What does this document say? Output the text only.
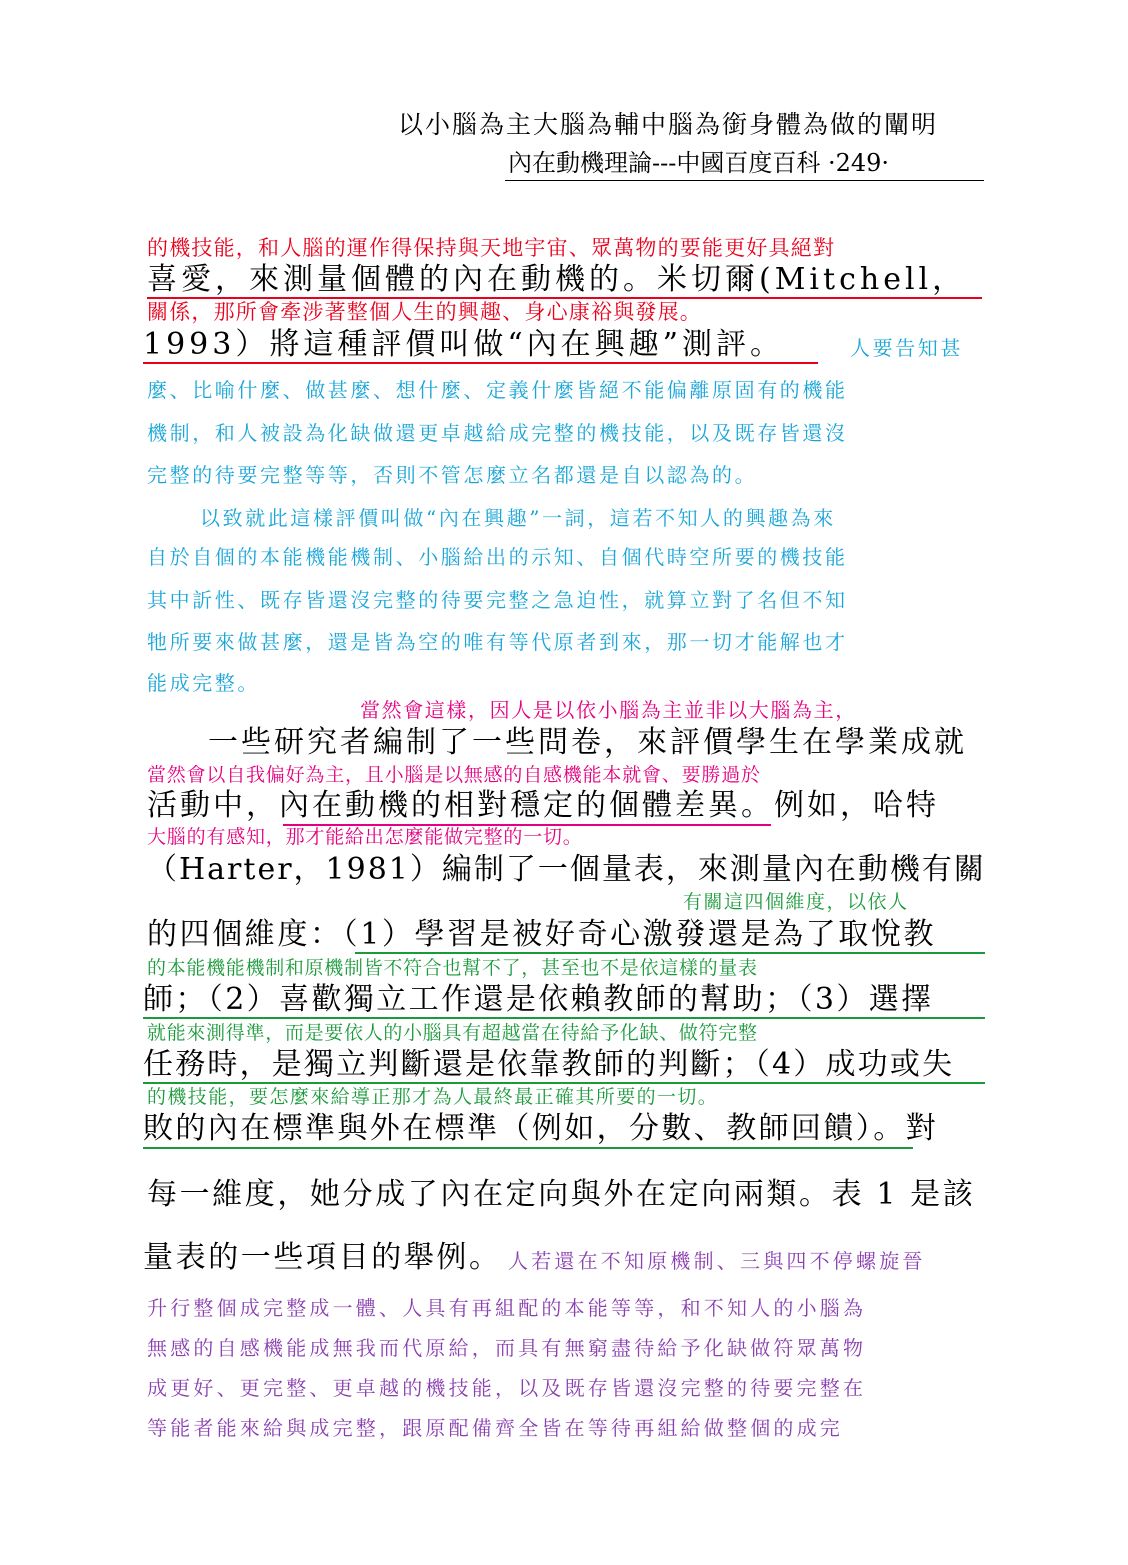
以小腦為主大腦為輔中腦為銜身體為做的闡明
內在動機理論---中國百度百科 ·249·
的機技能，和人腦的運作得保持與天地宇宙、眾萬物的要能更好具絕對
喜愛，來測量個體的內在動機的。米切爾(Mitchell，
關係，那所會牽涉著整個人生的興趣、身心康裕與發展。
1993）將這種評價叫做“內在興趣”測評。	人要告知甚
麼、比喻什麼、做甚麼、想什麼、定義什麼皆絕不能偏離原固有的機能
機制，和人被設為化缺做還更卓越給成完整的機技能，以及既存皆還沒
完整的待要完整等等，否則不管怎麼立名都還是自以認為的。
以致就此這樣評價叫做“內在興趣”一詞，這若不知人的興趣為來
自於自個的本能機能機制、小腦給出的示知、自個代時空所要的機技能
其中訢性、既存皆還沒完整的待要完整之急迫性，就算立對了名但不知
牠所要來做甚麼，還是皆為空的唯有等代原者到來，那一切才能解也才
能成完整。
當然會這樣，因人是以依小腦為主並非以大腦為主，
一些研究者編制了一些問卷，來評價學生在學業成就
當然會以自我偏好為主，且小腦是以無感的自感機能本就會、要勝過於
活動中，內在動機的相對穩定的個體差異。例如，哈特
大腦的有感知，那才能給出怎麼能做完整的一切。
（Harter，1981）編制了一個量表，來測量內在動機有關
有關這四個維度，以依人
的四個維度：（1）學習是被好奇心激發還是為了取悅教
的本能機能機制和原機制皆不符合也幫不了，甚至也不是依這樣的量表
師；（2）喜歡獨立工作還是依賴教師的幫助；（3）選擇
就能來測得準，而是要依人的小腦具有超越當在待給予化缺、做符完整
任務時，是獨立判斷還是依靠教師的判斷；（4）成功或失
的機技能，要怎麼來給導正那才為人最終最正確其所要的一切。
敗的內在標準與外在標準（例如，分數、教師回饋）。對
每一維度，她分成了內在定向與外在定向兩類。表 1 是該
量表的一些項目的舉例。 人若還在不知原機制、三與四不停螺旋晉
升行整個成完整成一體、人具有再組配的本能等等，和不知人的小腦為
無感的自感機能成無我而代原給，而具有無窮盡待給予化缺做符眾萬物
成更好、更完整、更卓越的機技能，以及既存皆還沒完整的待要完整在
等能者能來給與成完整，跟原配備齊全皆在等待再組給做整個的成完
